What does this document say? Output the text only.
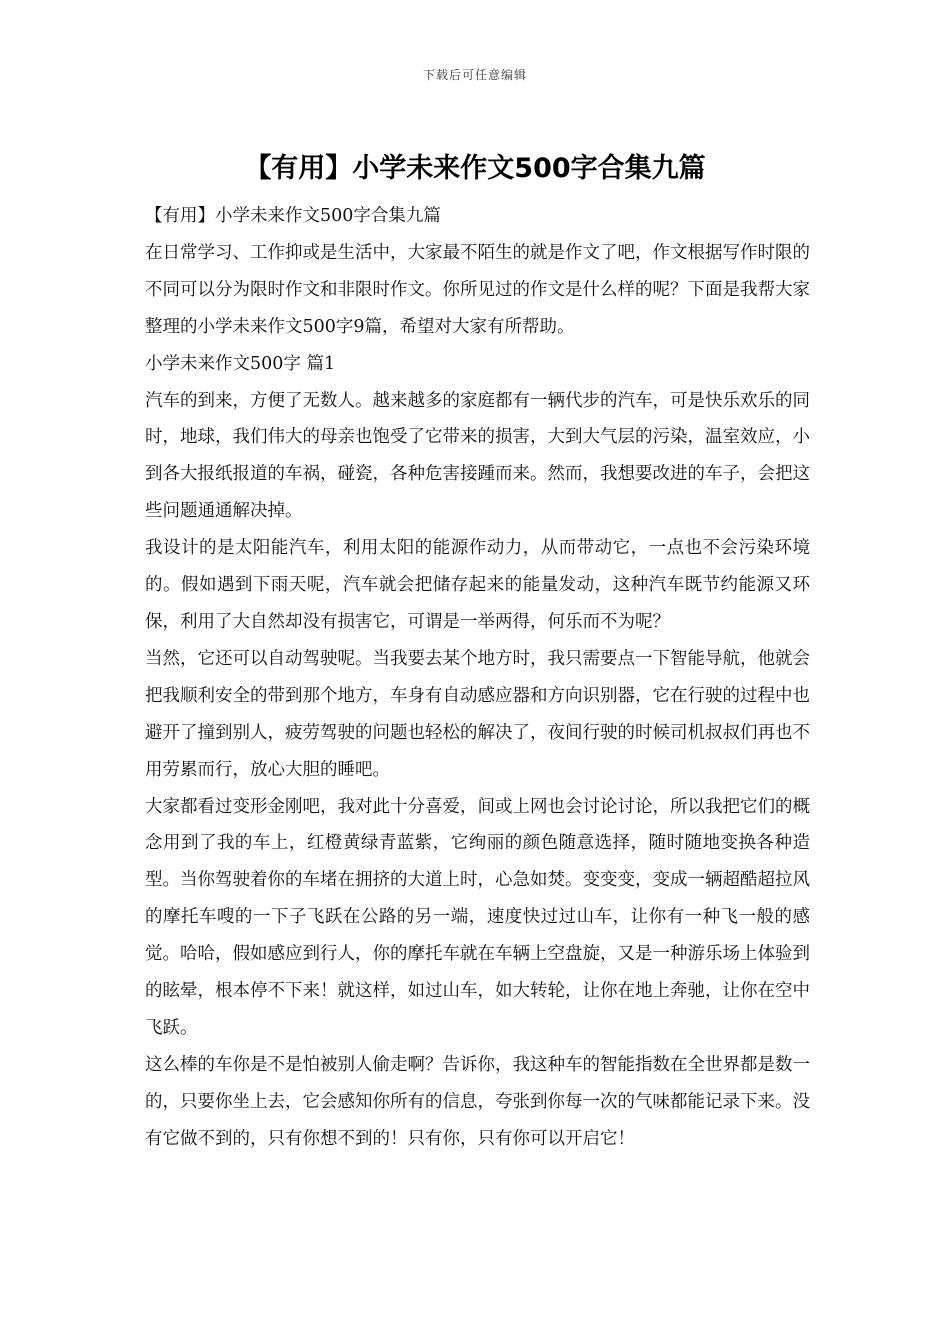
下载后可任意编辑
【有用】小学未来作文500字合集九篇

【有用】小学未来作文500字合集九篇

在日常学习、工作抑或是生活中，大家最不陌生的就是作文了吧，作文根据写作时限的不同可以分为限时作文和非限时作文。你所见过的作文是什么样的呢？下面是我帮大家整理的小学未来作文500字9篇，希望对大家有所帮助。

小学未来作文500字 篇1

汽车的到来，方便了无数人。越来越多的家庭都有一辆代步的汽车，可是快乐欢乐的同时，地球，我们伟大的母亲也饱受了它带来的损害，大到大气层的污染，温室效应，小到各大报纸报道的车祸，碰瓷，各种危害接踵而来。然而，我想要改进的车子，会把这些问题通通解决掉。

我设计的是太阳能汽车，利用太阳的能源作动力，从而带动它，一点也不会污染环境的。假如遇到下雨天呢，汽车就会把储存起来的能量发动，这种汽车既节约能源又环保，利用了大自然却没有损害它，可谓是一举两得，何乐而不为呢？

当然，它还可以自动驾驶呢。当我要去某个地方时，我只需要点一下智能导航，他就会把我顺利安全的带到那个地方，车身有自动感应器和方向识别器，它在行驶的过程中也避开了撞到别人，疲劳驾驶的问题也轻松的解决了，夜间行驶的时候司机叔叔们再也不用劳累而行，放心大胆的睡吧。

大家都看过变形金刚吧，我对此十分喜爱，间或上网也会讨论讨论，所以我把它们的概念用到了我的车上，红橙黄绿青蓝紫，它绚丽的颜色随意选择，随时随地变换各种造型。当你驾驶着你的车堵在拥挤的大道上时，心急如焚。变变变，变成一辆超酷超拉风的摩托车嗖的一下子飞跃在公路的另一端，速度快过过山车，让你有一种飞一般的感觉。哈哈，假如感应到行人，你的摩托车就在车辆上空盘旋，又是一种游乐场上体验到的眩晕，根本停不下来！就这样，如过山车，如大转轮，让你在地上奔驰，让你在空中飞跃。

这么棒的车你是不是怕被别人偷走啊？告诉你，我这种车的智能指数在全世界都是数一的，只要你坐上去，它会感知你所有的信息，夸张到你每一次的气味都能记录下来。没有它做不到的，只有你想不到的！只有你，只有你可以开启它！
